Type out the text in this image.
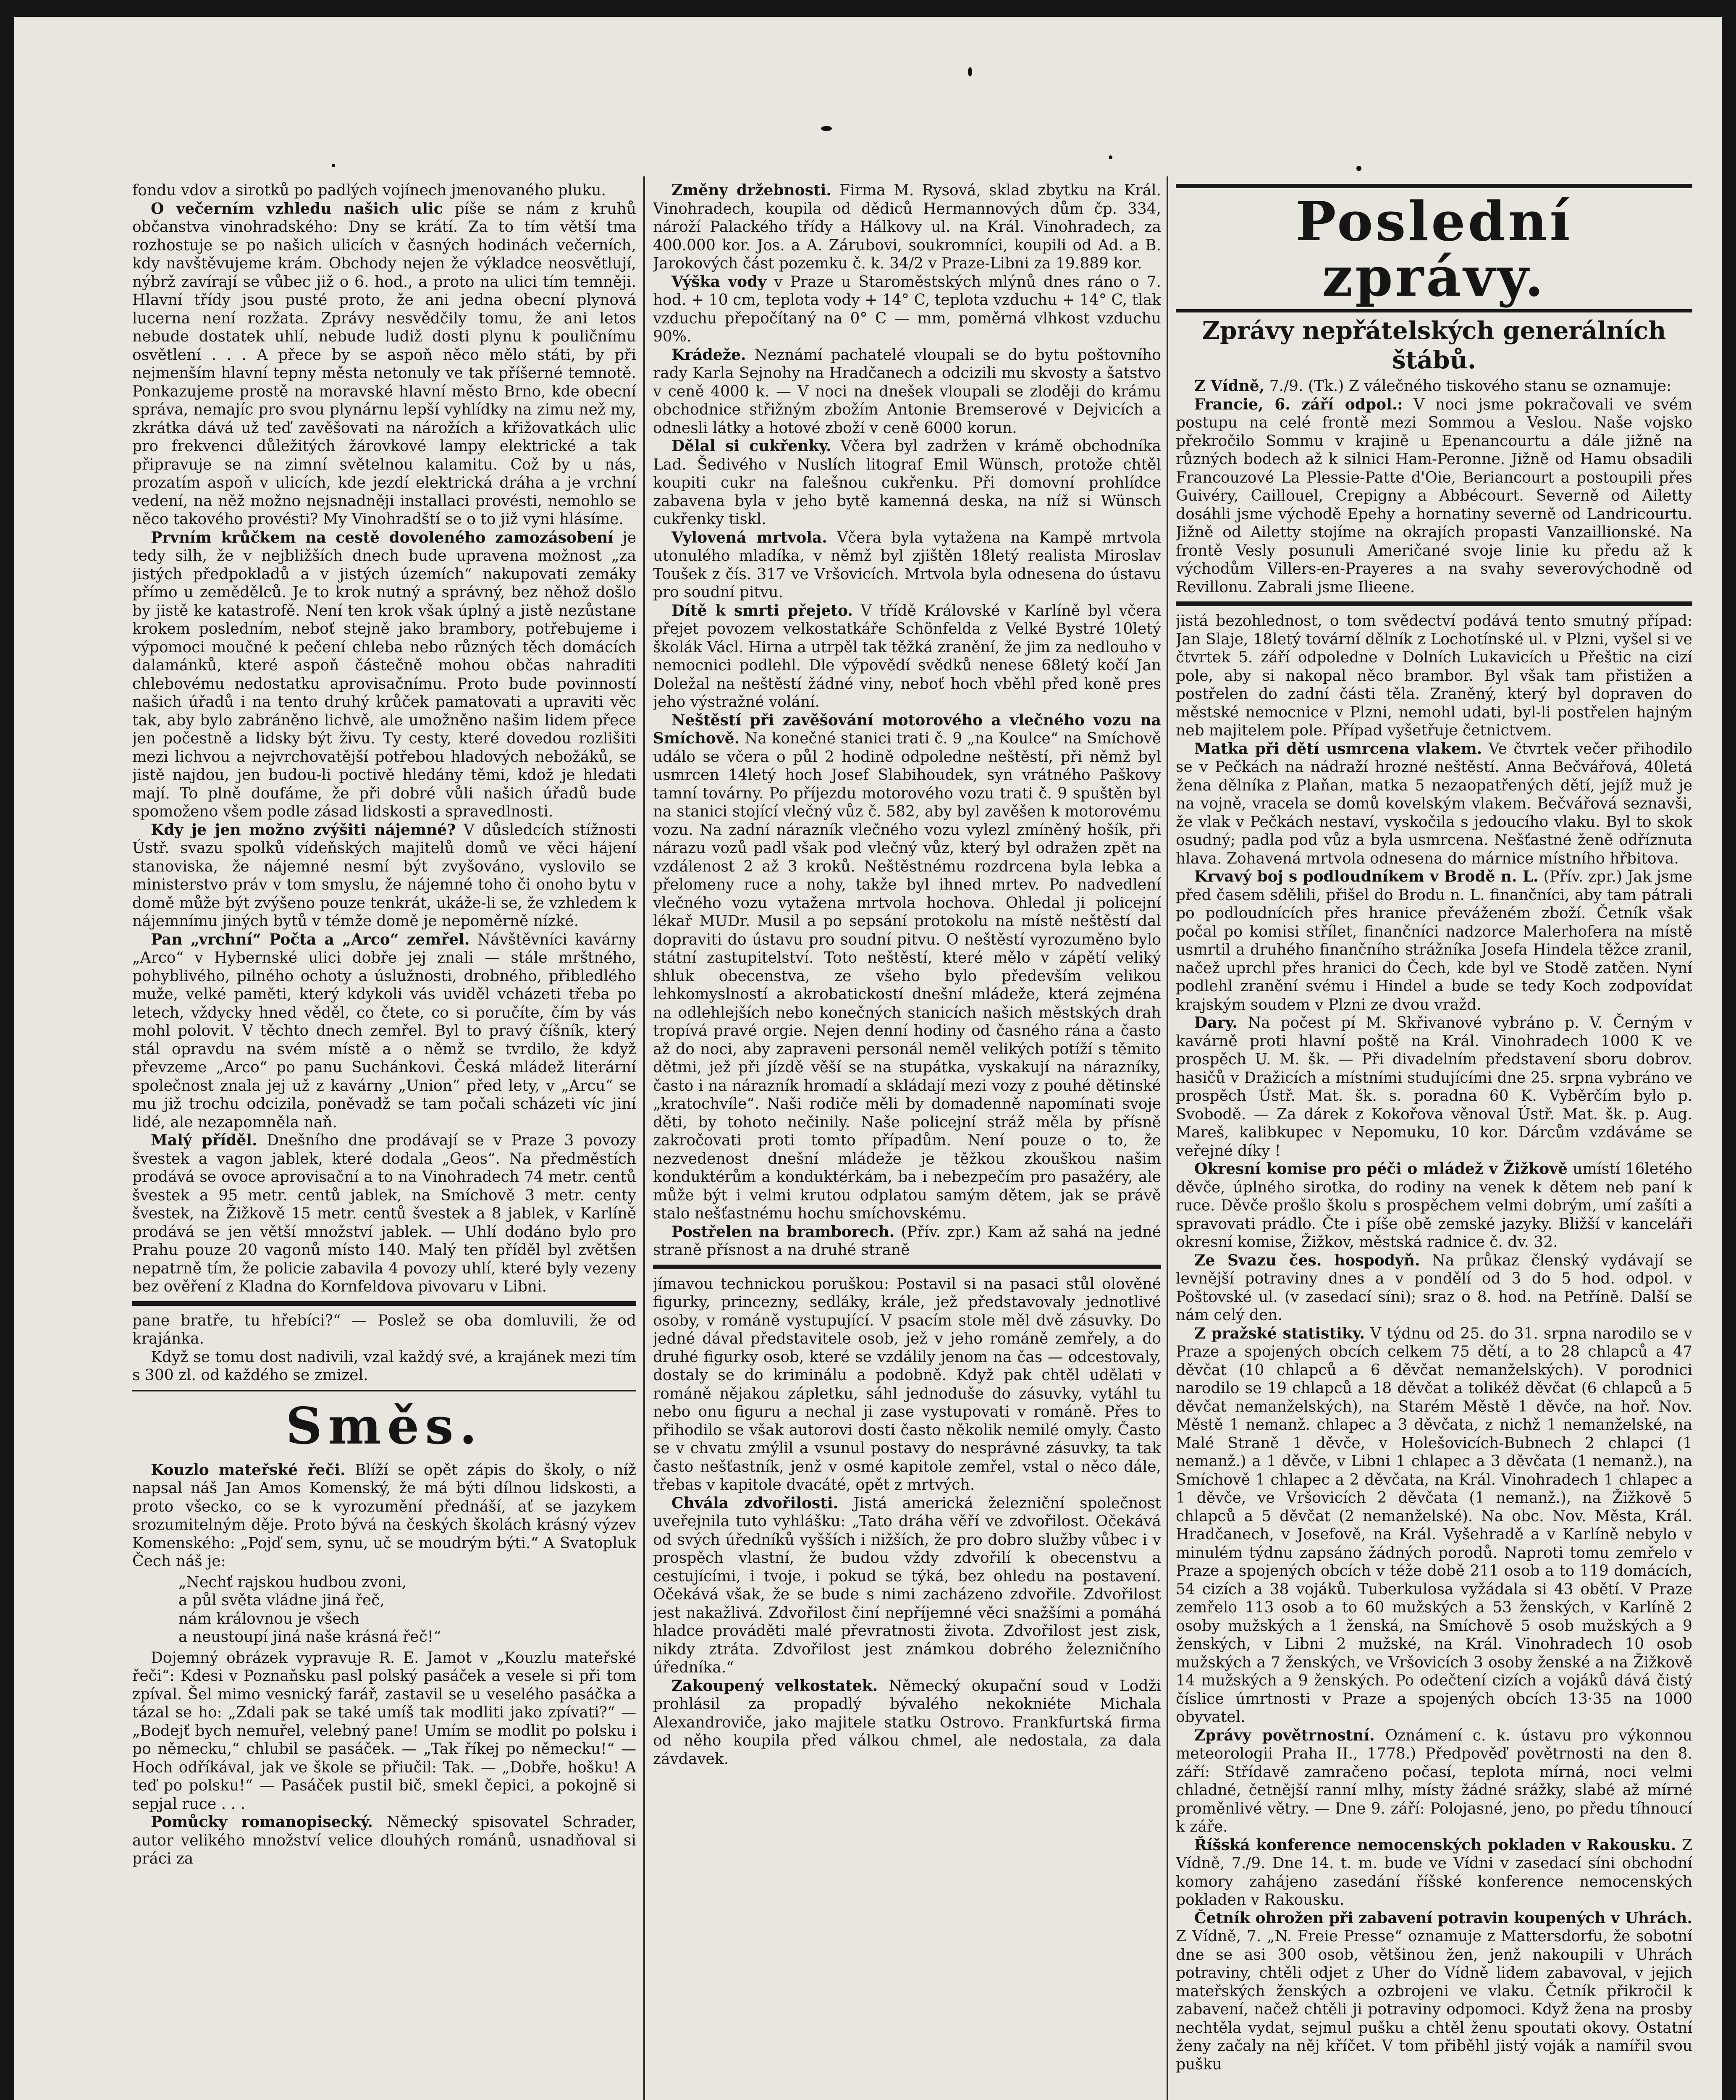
fondu vdov a sirotků po padlých vojínech jmenovaného pluku.

O večerním vzhledu našich ulic píše se nám z kruhů občanstva vinohradského: Dny se krátí. Za to tím větší tma rozhostuje se po našich ulicích v časných hodinách večerních, kdy navštěvujeme krám. Obchody nejen že výkladce neosvětlují, nýbrž zavírají se vůbec již o 6. hod., a proto na ulici tím temněji. Hlavní třídy jsou pusté proto, že ani jedna obecní plynová lucerna není rozžata. Zprávy nesvědčily tomu, že ani letos nebude dostatek uhlí, nebude ludiž dosti plynu k pouličnímu osvětlení . . . A přece by se aspoň něco mělo státi, by při nejmenším hlavní tepny města netonuly ve tak příšerné temnotě. Ponkazujeme prostě na moravské hlavní město Brno, kde obecní správa, nemajíc pro svou plynárnu lepší vyhlídky na zimu než my, zkrátka dává už teď zavěšovati na nárožích a křižovatkách ulic pro frekvenci důležitých žárovkové lampy elektrické a tak připravuje se na zimní světelnou kalamitu. Což by u nás, prozatím aspoň v ulicích, kde jezdí elektrická dráha a je vrchní vedení, na něž možno nejsnadněji installaci provésti, nemohlo se něco takového provésti? My Vinohradští se o to již vyni hlásíme.

Prvním krůčkem na cestě dovoleného zamozásobení je tedy silh, že v nejbližších dnech bude upravena možnost „za jistých předpokladů a v jistých územích“ nakupovati zemáky přímo u zemědělců. Je to krok nutný a správný, bez něhož došlo by jistě ke katastrofě. Není ten krok však úplný a jistě nezůstane krokem posledním, neboť stejně jako brambory, potřebujeme i výpomoci moučné k pečení chleba nebo různých těch domácích dalamánků, které aspoň částečně mohou občas nahraditi chlebovému nedostatku aprovisačnímu. Proto bude povinností našich úřadů i na tento druhý krůček pamatovati a upraviti věc tak, aby bylo zabráněno lichvě, ale umožněno našim lidem přece jen počestně a lidsky být živu. Ty cesty, které dovedou rozlišiti mezi lichvou a nejvrchovatější potřebou hladových nebožáků, se jistě najdou, jen budou-li poctivě hledány těmi, kdož je hledati mají. To plně doufáme, že při dobré vůli našich úřadů bude spomoženo všem podle zásad lidskosti a spravedlnosti.

Kdy je jen možno zvýšiti nájemné? V důsledcích stížnosti Ústř. svazu spolků vídeňských majitelů domů ve věci hájení stanoviska, že nájemné nesmí být zvyšováno, vyslovilo se ministerstvo práv v tom smyslu, že nájemné toho či onoho bytu v domě může být zvýšeno pouze tenkrát, ukáže-li se, že vzhledem k nájemnímu jiných bytů v témže domě je nepoměrně nízké.

Pan „vrchní“ Počta a „Arco“ zemřel. Návštěvníci kavárny „Arco“ v Hybernské ulici dobře jej znali — stále mrštného, pohyblivého, pilného ochoty a úslužnosti, drobného, přibledlého muže, velké paměti, který kdykoli vás uviděl vcházeti třeba po letech, vždycky hned věděl, co čtete, co si poručíte, čím by vás mohl polovit. V těchto dnech zemřel. Byl to pravý číšník, který stál opravdu na svém místě a o němž se tvrdilo, že když převzeme „Arco“ po panu Suchánkovi. Česká mládež literární společnost znala jej už z kavárny „Union“ před lety, v „Arcu“ se mu již trochu odcizila, poněvadž se tam počali scházeti víc jiní lidé, ale nezapomněla naň.

Malý příděl. Dnešního dne prodávají se v Praze 3 povozy švestek a vagon jablek, které dodala „Geos“. Na předměstích prodává se ovoce aprovisační a to na Vinohradech 74 metr. centů švestek a 95 metr. centů jablek, na Smíchově 3 metr. centy švestek, na Žižkově 15 metr. centů švestek a 8 jablek, v Karlíně prodává se jen větší množství jablek. — Uhlí dodáno bylo pro Prahu pouze 20 vagonů místo 140. Malý ten příděl byl zvětšen nepatrně tím, že policie zabavila 4 povozy uhlí, které byly vezeny bez ověření z Kladna do Kornfeldova pivovaru v Libni.

pane bratře, tu hřebíci?“ — Poslež se oba domluvili, že od krajánka.

Když se tomu dost nadivili, vzal každý své, a krajánek mezi tím s 300 zl. od každého se zmizel.

Směs.

Kouzlo mateřské řeči. Blíží se opět zápis do školy, o níž napsal náš Jan Amos Komenský, že má býti dílnou lidskosti, a proto všecko, co se k vyrozumění přednáší, ať se jazykem srozumitelným děje. Proto bývá na českých školách krásný výzev Komenského: „Pojď sem, synu, uč se moudrým býti.“ A Svatopluk Čech náš je:

„Nechť rajskou hudbou zvoni,
a půl světa vládne jiná řeč,
nám královnou je všech
a neustoupí jiná naše krásná řeč!“

Dojemný obrázek vypravuje R. E. Jamot v „Kouzlu mateřské řeči“: Kdesi v Poznaňsku pasl polský pasáček a vesele si při tom zpíval. Šel mimo vesnický farář, zastavil se u veselého pasáčka a tázal se ho: „Zdali pak se také umíš tak modliti jako zpívati?“ — „Bodejť bych nemuřel, velebný pane! Umím se modlit po polsku i po německu,“ chlubil se pasáček. — „Tak říkej po německu!“ — Hoch odříkával, jak ve škole se přiučil: Tak. — „Dobře, hošku! A teď po polsku!“ — Pasáček pustil bič, smekl čepici, a pokojně si sepjal ruce . . .

Pomůcky romanopisecký. Německý spisovatel Schrader, autor velikého množství velice dlouhých románů, usnadňoval si práci za

Změny držebnosti. Firma M. Rysová, sklad zbytku na Král. Vinohradech, koupila od dědiců Hermannových dům čp. 334, nároží Palackého třídy a Hálkovy ul. na Král. Vinohradech, za 400.000 kor. Jos. a A. Zárubovi, soukromníci, koupili od Ad. a B. Jarokových část pozemku č. k. 34/2 v Praze-Libni za 19.889 kor.

Výška vody v Praze u Staroměstských mlýnů dnes ráno o 7. hod. + 10 cm, teplota vody + 14° C, teplota vzduchu + 14° C, tlak vzduchu přepočítaný na 0° C — mm, poměrná vlhkost vzduchu 90%.

Krádeže. Neznámí pachatelé vloupali se do bytu poštovního rady Karla Sejnohy na Hradčanech a odcizili mu skvosty a šatstvo v ceně 4000 k. — V noci na dnešek vloupali se zloději do krámu obchodnice střižným zbožím Antonie Bremserové v Dejvicích a odnesli látky a hotové zboží v ceně 6000 korun.

Dělal si cukřenky. Včera byl zadržen v krámě obchodníka Lad. Šedivého v Nuslích litograf Emil Wünsch, protože chtěl koupiti cukr na falešnou cukřenku. Při domovní prohlídce zabavena byla v jeho bytě kamenná deska, na níž si Wünsch cukřenky tiskl.

Vylovená mrtvola. Včera byla vytažena na Kampě mrtvola utonulého mladíka, v němž byl zjištěn 18letý realista Miroslav Toušek z čís. 317 ve Vršovicích. Mrtvola byla odnesena do ústavu pro soudní pitvu.

Dítě k smrti přejeto. V třídě Královské v Karlíně byl včera přejet povozem velkostatkáře Schönfelda z Velké Bystré 10letý školák Václ. Hirna a utrpěl tak těžká zranění, že jim za nedlouho v nemocnici podlehl. Dle výpovědí svědků nenese 68letý kočí Jan Doležal na neštěstí žádné viny, neboť hoch vběhl před koně pres jeho výstražné volání.

Neštěstí při zavěšování motorového a vlečného vozu na Smíchově. Na konečné stanici trati č. 9 „na Koulce“ na Smíchově událo se včera o půl 2 hodině odpoledne neštěstí, při němž byl usmrcen 14letý hoch Josef Slabihoudek, syn vrátného Paškovy tamní továrny. Po příjezdu motorového vozu trati č. 9 spuštěn byl na stanici stojící vlečný vůz č. 582, aby byl zavěšen k motorovému vozu. Na zadní nárazník vlečného vozu vylezl zmíněný hošík, při nárazu vozů padl však pod vlečný vůz, který byl odražen zpět na vzdálenost 2 až 3 kroků. Neštěstnému rozdrcena byla lebka a přelomeny ruce a nohy, takže byl ihned mrtev. Po nadvedlení vlečného vozu vytažena mrtvola hochova. Ohledal ji policejní lékař MUDr. Musil a po sepsání protokolu na místě neštěstí dal dopraviti do ústavu pro soudní pitvu. O neštěstí vyrozuměno bylo státní zastupitelství. Toto neštěstí, které mělo v zápětí veliký shluk obecenstva, ze všeho bylo především velikou lehkomyslností a akrobatickostí dnešní mládeže, která zejména na odlehlejších nebo konečných stanicích našich městských drah tropívá pravé orgie. Nejen denní hodiny od časného rána a často až do noci, aby zapraveni personál neměl velikých potíží s těmito dětmi, jež při jízdě věší se na stupátka, vyskakují na nárazníky, často i na nárazník hromadí a skládají mezi vozy z pouhé dětinské „kratochvíle“. Naši rodiče měli by domadenně napomínati svoje děti, by tohoto nečinily. Naše policejní stráž měla by přísně zakročovati proti tomto případům. Není pouze o to, že nezvedenost dnešní mládeže je těžkou zkouškou našim konduktérům a konduktérkám, ba i nebezpečím pro pasažéry, ale může být i velmi krutou odplatou samým dětem, jak se právě stalo nešťastnému hochu smíchovskému.

Postřelen na bramborech. (Přív. zpr.) Kam až sahá na jedné straně přísnost a na druhé straně

jímavou technickou poruškou: Postavil si na pasaci stůl olověné figurky, princezny, sedláky, krále, jež představovaly jednotlivé osoby, v románě vystupující. V psacím stole měl dvě zásuvky. Do jedné dával představitele osob, jež v jeho románě zemřely, a do druhé figurky osob, které se vzdálily jenom na čas — odcestovaly, dostaly se do kriminálu a podobně. Když pak chtěl udělati v románě nějakou zápletku, sáhl jednoduše do zásuvky, vytáhl tu nebo onu figuru a nechal ji zase vystupovati v románě. Přes to přihodilo se však autorovi dosti často několik nemilé omyly. Často se v chvatu zmýlil a vsunul postavy do nesprávné zásuvky, ta tak často nešťastník, jenž v osmé kapitole zemřel, vstal o něco dále, třebas v kapitole dvacáté, opět z mrtvých.

Chvála zdvořilosti. Jistá americká železniční společnost uveřejnila tuto vyhlášku: „Tato dráha věří ve zdvořilost. Očekává od svých úředníků vyšších i nižších, že pro dobro služby vůbec i v prospěch vlastní, že budou vždy zdvořilí k obecenstvu a cestujícími, i tvoje, i pokud se týká, bez ohledu na postavení. Očekává však, že se bude s nimi zacházeno zdvořile. Zdvořilost jest nakažlivá. Zdvořilost činí nepříjemné věci snažšími a pomáhá hladce prováděti malé převratnosti života. Zdvořilost jest zisk, nikdy ztráta. Zdvořilost jest známkou dobrého železničního úředníka.“

Zakoupený velkostatek. Německý okupační soud v Lodži prohlásil za propadlý bývalého nekokniéte Michala Alexandroviče, jako majitele statku Ostrovo. Frankfurtská firma od něho koupila před válkou chmel, ale nedostala, za dala závdavek.

Poslední zprávy.
Zprávy nepřátelských generálních štábů.

Z Vídně, 7./9. (Tk.) Z válečného tiskového stanu se oznamuje:

Francie, 6. září odpol.: V noci jsme pokračovali ve svém postupu na celé frontě mezi Sommou a Veslou. Naše vojsko překročilo Sommu v krajině u Epenancourtu a dále jižně na různých bodech až k silnici Ham-Peronne. Jižně od Hamu obsadili Francouzové La Plessie-Patte d'Oie, Beriancourt a postoupili přes Guivéry, Caillouel, Crepigny a Abbécourt. Severně od Ailetty dosáhli jsme východě Epehy a hornatiny severně od Landricourtu. Jižně od Ailetty stojíme na okrajích propasti Vanzaillionské. Na frontě Vesly posunuli Američané svoje linie ku předu až k východům Villers-en-Prayeres a na svahy severovýchodně od Revillonu. Zabrali jsme Ilieene.

jistá bezohlednost, o tom svědectví podává tento smutný případ: Jan Slaje, 18letý tovární dělník z Lochotínské ul. v Plzni, vyšel si ve čtvrtek 5. září odpoledne v Dolních Lukavicích u Přeštic na cizí pole, aby si nakopal něco brambor. Byl však tam přistižen a postřelen do zadní části těla. Zraněný, který byl dopraven do městské nemocnice v Plzni, nemohl udati, byl-li postřelen hajným neb majitelem pole. Případ vyšetřuje četnictvem.

Matka při dětí usmrcena vlakem. Ve čtvrtek večer přihodilo se v Pečkách na nádraží hrozné neštěstí. Anna Bečvářová, 40letá žena dělníka z Plaňan, matka 5 nezaopatřených dětí, jejíž muž je na vojně, vracela se domů kovelským vlakem. Bečvářová seznavši, že vlak v Pečkách nestaví, vyskočila s jedoucího vlaku. Byl to skok osudný; padla pod vůz a byla usmrcena. Nešťastné ženě odříznuta hlava. Zohavená mrtvola odnesena do márnice místního hřbitova.

Krvavý boj s podloudníkem v Brodě n. L. (Přív. zpr.) Jak jsme před časem sdělili, přišel do Brodu n. L. finančníci, aby tam pátrali po podloudnících přes hranice převáženém zboží. Četník však počal po komisi střílet, finančníci nadzorce Malerhofera na místě usmrtil a druhého finančního strážníka Josefa Hindela těžce zranil, načež uprchl přes hranici do Čech, kde byl ve Stodě zatčen. Nyní podlehl zranění svému i Hindel a bude se tedy Koch zodpovídat krajským soudem v Plzni ze dvou vražd.

Dary. Na počest pí M. Skřivanové vybráno p. V. Černým v kavárně proti hlavní poště na Král. Vinohradech 1000 K ve prospěch U. M. šk. — Při divadelním představení sboru dobrov. hasičů v Dražicích a místními studujícími dne 25. srpna vybráno ve prospěch Ústř. Mat. šk. s. poradna 60 K. Vyběrčím bylo p. Svobodě. — Za dárek z Kokořova věnoval Ústř. Mat. šk. p. Aug. Mareš, kalibkupec v Nepomuku, 10 kor. Dárcům vzdáváme se veřejné díky !

Okresní komise pro péči o mládež v Žižkově umístí 16letého děvče, úplného sirotka, do rodiny na venek k dětem neb paní k ruce. Děvče prošlo školu s prospěchem velmi dobrým, umí zašíti a spravovati prádlo. Čte i píše obě zemské jazyky. Bližší v kanceláři okresní komise, Žižkov, městská radnice č. dv. 32.

Ze Svazu čes. hospodyň. Na průkaz členský vydávají se levnější potraviny dnes a v pondělí od 3 do 5 hod. odpol. v Poštovské ul. (v zasedací síni); sraz o 8. hod. na Petříně. Další se nám celý den.

Z pražské statistiky. V týdnu od 25. do 31. srpna narodilo se v Praze a spojených obcích celkem 75 dětí, a to 28 chlapců a 47 děvčat (10 chlapců a 6 děvčat nemanželských). V porodnici narodilo se 19 chlapců a 18 děvčat a tolikéž děvčat (6 chlapců a 5 děvčat nemanželských), na Starém Městě 1 děvče, na hoř. Nov. Městě 1 nemanž. chlapec a 3 děvčata, z nichž 1 nemanželské, na Malé Straně 1 děvče, v Holešovicích-Bubnech 2 chlapci (1 nemanž.) a 1 děvče, v Libni 1 chlapec a 3 děvčata (1 nemanž.), na Smíchově 1 chlapec a 2 děvčata, na Král. Vinohradech 1 chlapec a 1 děvče, ve Vršovicích 2 děvčata (1 nemanž.), na Žižkově 5 chlapců a 5 děvčat (2 nemanželské). Na obc. Nov. Města, Král. Hradčanech, v Josefově, na Král. Vyšehradě a v Karlíně nebylo v minulém týdnu zapsáno žádných porodů. Naproti tomu zemřelo v Praze a spojených obcích v téže době 211 osob a to 119 domácích, 54 cizích a 38 vojáků. Tuberkulosa vyžádala si 43 obětí. V Praze zemřelo 113 osob a to 60 mužských a 53 ženských, v Karlíně 2 osoby mužských a 1 ženská, na Smíchově 5 osob mužských a 9 ženských, v Libni 2 mužské, na Král. Vinohradech 10 osob mužských a 7 ženských, ve Vršovicích 3 osoby ženské a na Žižkově 14 mužských a 9 ženských. Po odečtení cizích a vojáků dává čistý číslice úmrtnosti v Praze a spojených obcích 13·35 na 1000 obyvatel.

Zprávy povětrnostní. Oznámení c. k. ústavu pro výkonnou meteorologii Praha II., 1778.) Předpověď povětrnosti na den 8. září: Střídavě zamračeno počasí, teplota mírná, noci velmi chladné, četnější ranní mlhy, místy žádné srážky, slabé až mírné proměnlivé větry. — Dne 9. září: Polojasné, jeno, po předu tíhnoucí k záře.

Říšská konference nemocenských pokladen v Rakousku. Z Vídně, 7./9. Dne 14. t. m. bude ve Vídni v zasedací síni obchodní komory zahájeno zasedání říšské konference nemocenských pokladen v Rakousku.

Četník ohrožen při zabavení potravin koupených v Uhrách. Z Vídně, 7. „N. Freie Presse“ oznamuje z Mattersdorfu, že sobotní dne se asi 300 osob, většinou žen, jenž nakoupili v Uhrách potraviny, chtěli odjet z Uher do Vídně lidem zabavoval, v jejich mateřských ženských a ozbrojeni ve vlaku. Četník přikročil k zabavení, načež chtěli ji potraviny odpomoci. Když žena na prosby nechtěla vydat, sejmul pušku a chtěl ženu spoutati okovy. Ostatní ženy začaly na něj kříčet. V tom přiběhl jistý voják a namířil svou pušku
